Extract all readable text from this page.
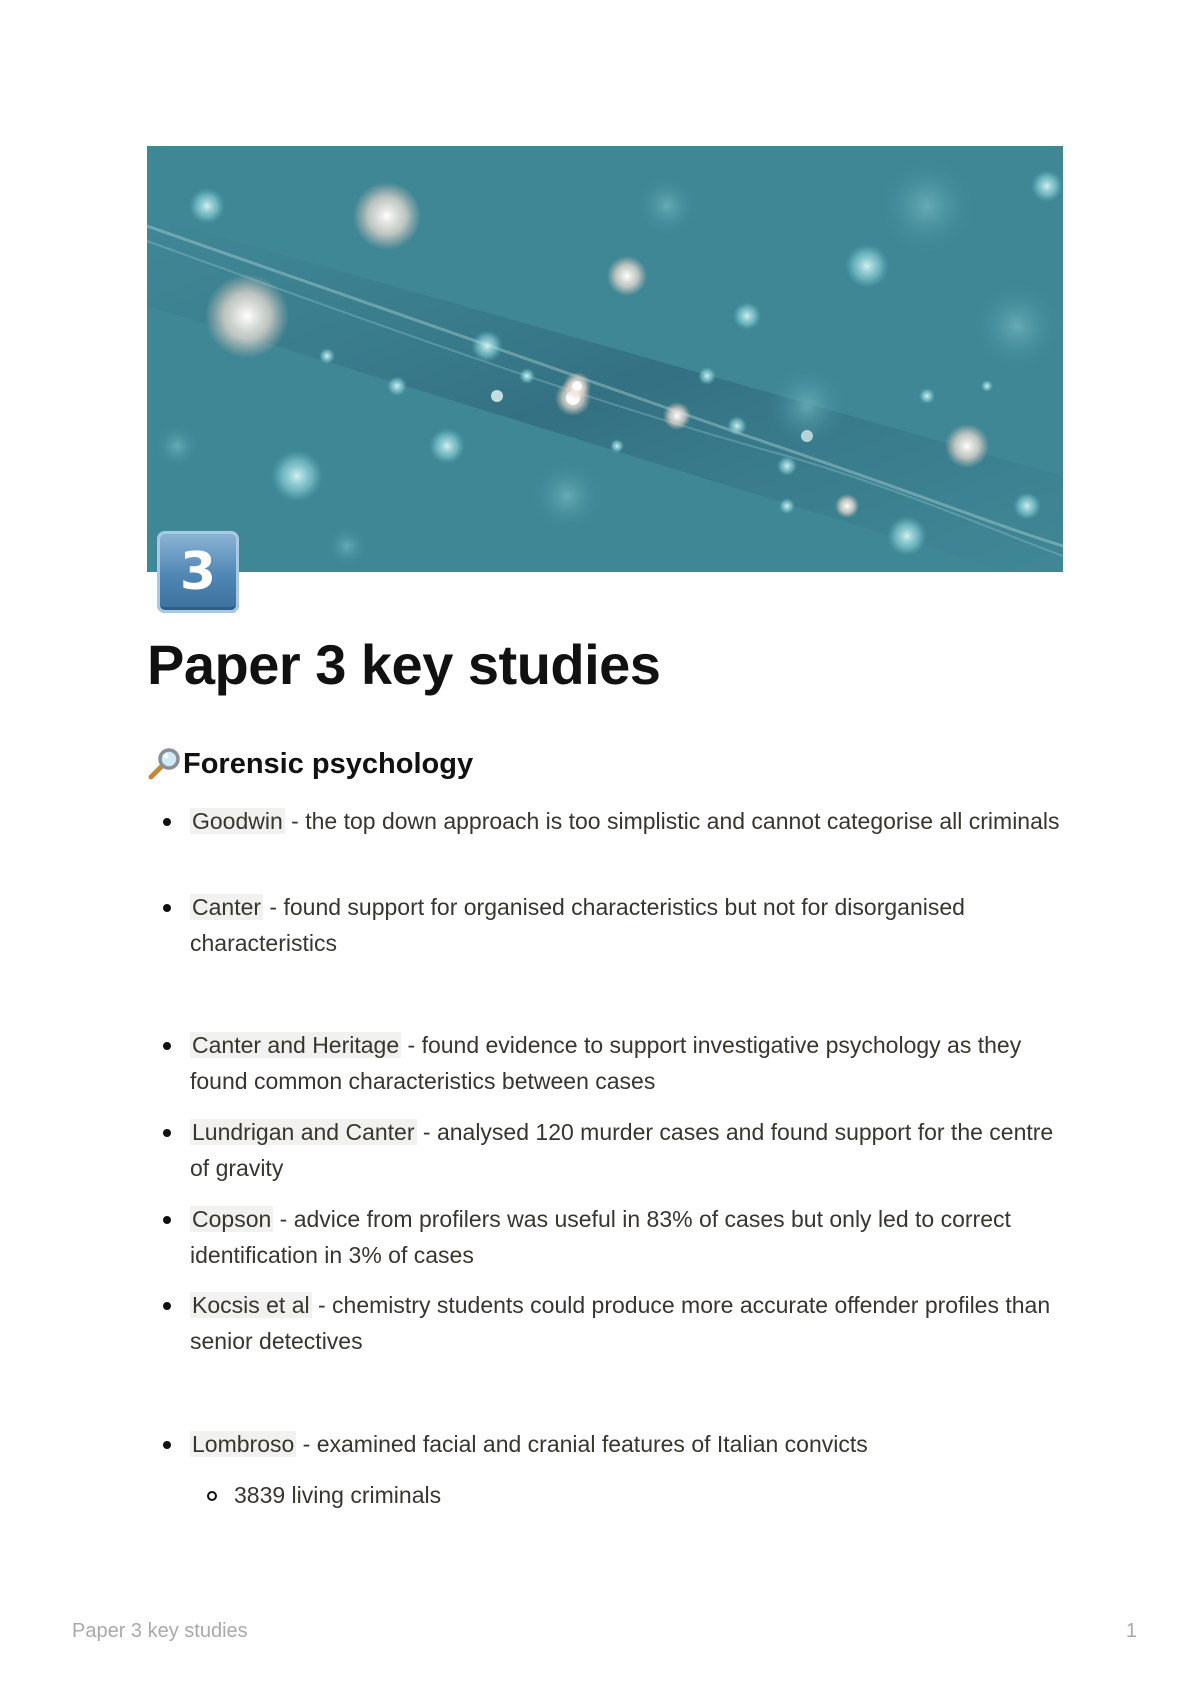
3
Paper 3 key studies
Forensic psychology
Goodwin - the top down approach is too simplistic and cannot categorise all criminals
Canter - found support for organised characteristics but not for disorganised characteristics
Canter and Heritage - found evidence to support investigative psychology as they found common characteristics between cases
Lundrigan and Canter - analysed 120 murder cases and found support for the centre of gravity
Copson - advice from profilers was useful in 83% of cases but only led to correct identification in 3% of cases
Kocsis et al - chemistry students could produce more accurate offender profiles than senior detectives
Lombroso - examined facial and cranial features of Italian convicts
3839 living criminals
Paper 3 key studies	1
